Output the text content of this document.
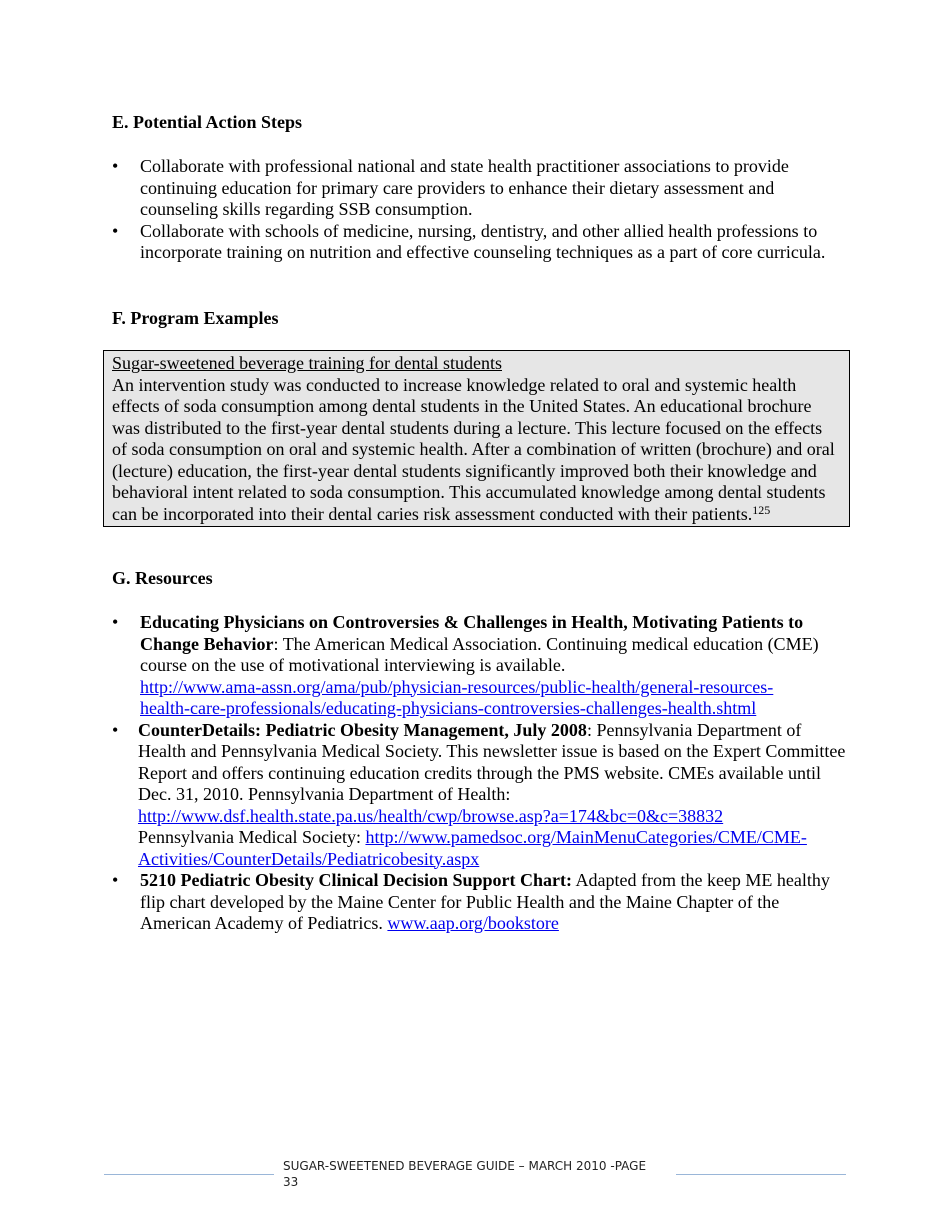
E. Potential Action Steps
• Collaborate with professional national and state health practitioner associations to provide continuing education for primary care providers to enhance their dietary assessment and counseling skills regarding SSB consumption.
• Collaborate with schools of medicine, nursing, dentistry, and other allied health professions to incorporate training on nutrition and effective counseling techniques as a part of core curricula.
F. Program Examples
Sugar-sweetened beverage training for dental students
An intervention study was conducted to increase knowledge related to oral and systemic health effects of soda consumption among dental students in the United States. An educational brochure was distributed to the first-year dental students during a lecture. This lecture focused on the effects of soda consumption on oral and systemic health. After a combination of written (brochure) and oral (lecture) education, the first-year dental students significantly improved both their knowledge and behavioral intent related to soda consumption. This accumulated knowledge among dental students can be incorporated into their dental caries risk assessment conducted with their patients.$^{125}$
G. Resources
• Educating Physicians on Controversies & Challenges in Health, Motivating Patients to Change Behavior: The American Medical Association. Continuing medical education (CME) course on the use of motivational interviewing is available.
http://www.ama-assn.org/ama/pub/physician-resources/public-health/general-resources-
health-care-professionals/educating-physicians-controversies-challenges-health.shtml
• CounterDetails: Pediatric Obesity Management, July 2008: Pennsylvania Department of Health and Pennsylvania Medical Society. This newsletter issue is based on the Expert Committee Report and offers continuing education credits through the PMS website. CMEs available until Dec. 31, 2010. Pennsylvania Department of Health:
http://www.dsf.health.state.pa.us/health/cwp/browse.asp?a=174&bc=0&c=38832
Pennsylvania Medical Society: http://www.pamedsoc.org/MainMenuCategories/CME/CME-
Activities/CounterDetails/Pediatricobesity.aspx
• 5210 Pediatric Obesity Clinical Decision Support Chart: Adapted from the keep ME healthy flip chart developed by the Maine Center for Public Health and the Maine Chapter of the American Academy of Pediatrics. www.aap.org/bookstore
SUGAR-SWEETENED BEVERAGE GUIDE – MARCH 2010 -PAGE 33
